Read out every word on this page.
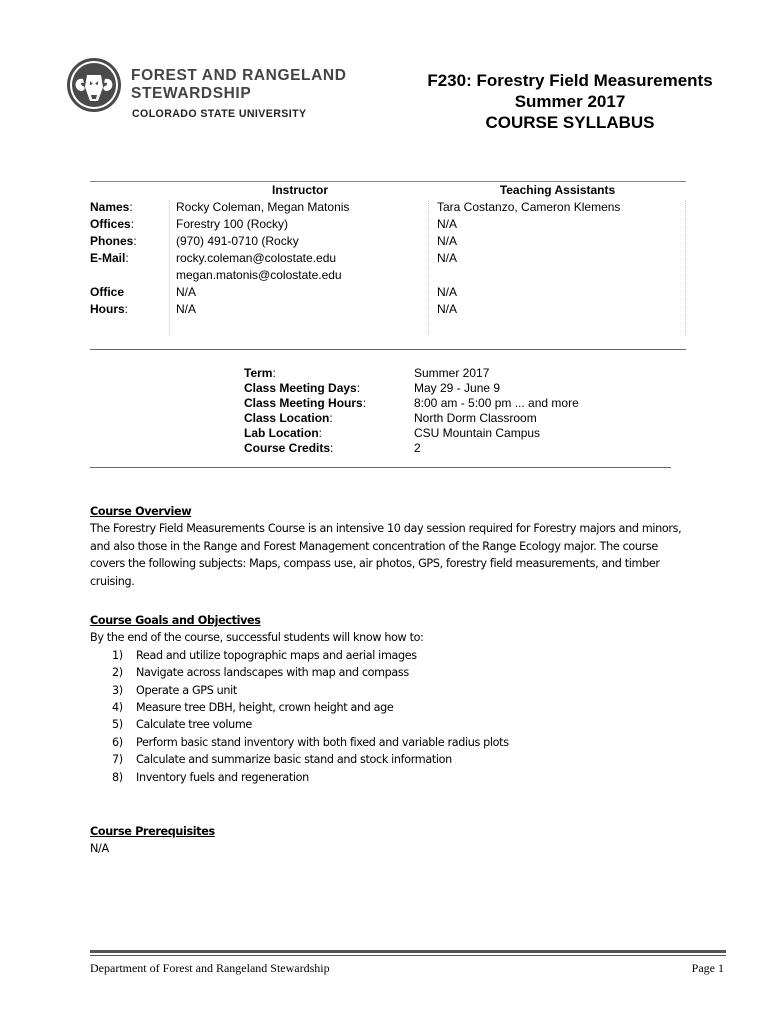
FOREST AND RANGELAND
STEWARDSHIP
COLORADO STATE UNIVERSITY
F230: Forestry Field Measurements
Summer 2017
COURSE SYLLABUS
Instructor	Teaching Assistants
Names:
Offices:
Phones:
E-Mail:
Office
Hours:
Rocky Coleman, Megan Matonis
Forestry 100 (Rocky)
(970) 491-0710 (Rocky
rocky.coleman@colostate.edu
megan.matonis@colostate.edu
N/A
N/A
Tara Costanzo, Cameron Klemens
N/A
N/A
N/A
N/A
N/A
Term:
Class Meeting Days:
Class Meeting Hours:
Class Location:
Lab Location:
Course Credits:
Summer 2017
May 29 - June 9
8:00 am - 5:00 pm ... and more
North Dorm Classroom
CSU Mountain Campus
2
Course Overview
The Forestry Field Measurements Course is an intensive 10 day session required for Forestry majors and minors,
and also those in the Range and Forest Management concentration of the Range Ecology major. The course
covers the following subjects: Maps, compass use, air photos, GPS, forestry field measurements, and timber
cruising.
Course Goals and Objectives
By the end of the course, successful students will know how to:
1) Read and utilize topographic maps and aerial images
2) Navigate across landscapes with map and compass
3) Operate a GPS unit
4) Measure tree DBH, height, crown height and age
5) Calculate tree volume
6) Perform basic stand inventory with both fixed and variable radius plots
7) Calculate and summarize basic stand and stock information
8) Inventory fuels and regeneration
Course Prerequisites
N/A
Department of Forest and Rangeland Stewardship	Page 1
